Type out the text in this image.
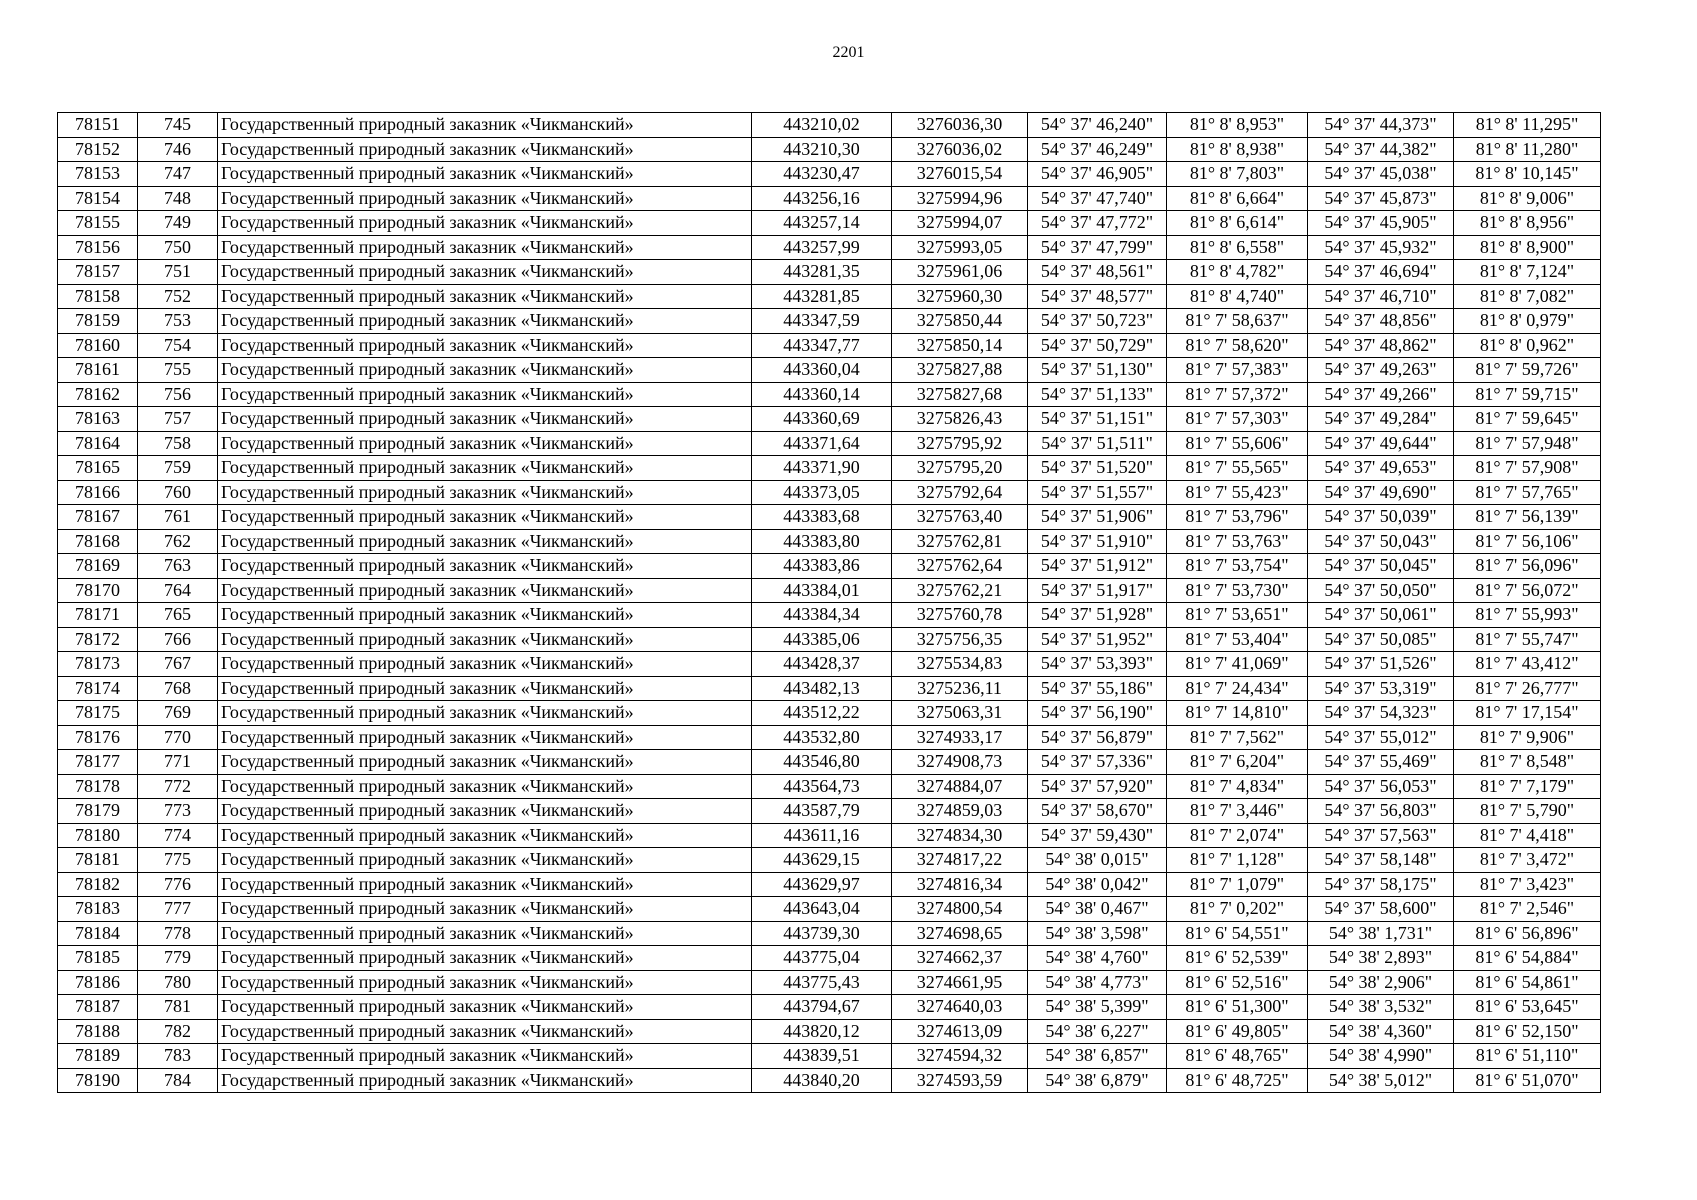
2201
78151	745	Государственный природный заказник «Чикманский»	443210,02	3276036,30	54° 37' 46,240"	81° 8' 8,953"	54° 37' 44,373"	81° 8' 11,295"
78152	746	Государственный природный заказник «Чикманский»	443210,30	3276036,02	54° 37' 46,249"	81° 8' 8,938"	54° 37' 44,382"	81° 8' 11,280"
78153	747	Государственный природный заказник «Чикманский»	443230,47	3276015,54	54° 37' 46,905"	81° 8' 7,803"	54° 37' 45,038"	81° 8' 10,145"
78154	748	Государственный природный заказник «Чикманский»	443256,16	3275994,96	54° 37' 47,740"	81° 8' 6,664"	54° 37' 45,873"	81° 8' 9,006"
78155	749	Государственный природный заказник «Чикманский»	443257,14	3275994,07	54° 37' 47,772"	81° 8' 6,614"	54° 37' 45,905"	81° 8' 8,956"
78156	750	Государственный природный заказник «Чикманский»	443257,99	3275993,05	54° 37' 47,799"	81° 8' 6,558"	54° 37' 45,932"	81° 8' 8,900"
78157	751	Государственный природный заказник «Чикманский»	443281,35	3275961,06	54° 37' 48,561"	81° 8' 4,782"	54° 37' 46,694"	81° 8' 7,124"
78158	752	Государственный природный заказник «Чикманский»	443281,85	3275960,30	54° 37' 48,577"	81° 8' 4,740"	54° 37' 46,710"	81° 8' 7,082"
78159	753	Государственный природный заказник «Чикманский»	443347,59	3275850,44	54° 37' 50,723"	81° 7' 58,637"	54° 37' 48,856"	81° 8' 0,979"
78160	754	Государственный природный заказник «Чикманский»	443347,77	3275850,14	54° 37' 50,729"	81° 7' 58,620"	54° 37' 48,862"	81° 8' 0,962"
78161	755	Государственный природный заказник «Чикманский»	443360,04	3275827,88	54° 37' 51,130"	81° 7' 57,383"	54° 37' 49,263"	81° 7' 59,726"
78162	756	Государственный природный заказник «Чикманский»	443360,14	3275827,68	54° 37' 51,133"	81° 7' 57,372"	54° 37' 49,266"	81° 7' 59,715"
78163	757	Государственный природный заказник «Чикманский»	443360,69	3275826,43	54° 37' 51,151"	81° 7' 57,303"	54° 37' 49,284"	81° 7' 59,645"
78164	758	Государственный природный заказник «Чикманский»	443371,64	3275795,92	54° 37' 51,511"	81° 7' 55,606"	54° 37' 49,644"	81° 7' 57,948"
78165	759	Государственный природный заказник «Чикманский»	443371,90	3275795,20	54° 37' 51,520"	81° 7' 55,565"	54° 37' 49,653"	81° 7' 57,908"
78166	760	Государственный природный заказник «Чикманский»	443373,05	3275792,64	54° 37' 51,557"	81° 7' 55,423"	54° 37' 49,690"	81° 7' 57,765"
78167	761	Государственный природный заказник «Чикманский»	443383,68	3275763,40	54° 37' 51,906"	81° 7' 53,796"	54° 37' 50,039"	81° 7' 56,139"
78168	762	Государственный природный заказник «Чикманский»	443383,80	3275762,81	54° 37' 51,910"	81° 7' 53,763"	54° 37' 50,043"	81° 7' 56,106"
78169	763	Государственный природный заказник «Чикманский»	443383,86	3275762,64	54° 37' 51,912"	81° 7' 53,754"	54° 37' 50,045"	81° 7' 56,096"
78170	764	Государственный природный заказник «Чикманский»	443384,01	3275762,21	54° 37' 51,917"	81° 7' 53,730"	54° 37' 50,050"	81° 7' 56,072"
78171	765	Государственный природный заказник «Чикманский»	443384,34	3275760,78	54° 37' 51,928"	81° 7' 53,651"	54° 37' 50,061"	81° 7' 55,993"
78172	766	Государственный природный заказник «Чикманский»	443385,06	3275756,35	54° 37' 51,952"	81° 7' 53,404"	54° 37' 50,085"	81° 7' 55,747"
78173	767	Государственный природный заказник «Чикманский»	443428,37	3275534,83	54° 37' 53,393"	81° 7' 41,069"	54° 37' 51,526"	81° 7' 43,412"
78174	768	Государственный природный заказник «Чикманский»	443482,13	3275236,11	54° 37' 55,186"	81° 7' 24,434"	54° 37' 53,319"	81° 7' 26,777"
78175	769	Государственный природный заказник «Чикманский»	443512,22	3275063,31	54° 37' 56,190"	81° 7' 14,810"	54° 37' 54,323"	81° 7' 17,154"
78176	770	Государственный природный заказник «Чикманский»	443532,80	3274933,17	54° 37' 56,879"	81° 7' 7,562"	54° 37' 55,012"	81° 7' 9,906"
78177	771	Государственный природный заказник «Чикманский»	443546,80	3274908,73	54° 37' 57,336"	81° 7' 6,204"	54° 37' 55,469"	81° 7' 8,548"
78178	772	Государственный природный заказник «Чикманский»	443564,73	3274884,07	54° 37' 57,920"	81° 7' 4,834"	54° 37' 56,053"	81° 7' 7,179"
78179	773	Государственный природный заказник «Чикманский»	443587,79	3274859,03	54° 37' 58,670"	81° 7' 3,446"	54° 37' 56,803"	81° 7' 5,790"
78180	774	Государственный природный заказник «Чикманский»	443611,16	3274834,30	54° 37' 59,430"	81° 7' 2,074"	54° 37' 57,563"	81° 7' 4,418"
78181	775	Государственный природный заказник «Чикманский»	443629,15	3274817,22	54° 38' 0,015"	81° 7' 1,128"	54° 37' 58,148"	81° 7' 3,472"
78182	776	Государственный природный заказник «Чикманский»	443629,97	3274816,34	54° 38' 0,042"	81° 7' 1,079"	54° 37' 58,175"	81° 7' 3,423"
78183	777	Государственный природный заказник «Чикманский»	443643,04	3274800,54	54° 38' 0,467"	81° 7' 0,202"	54° 37' 58,600"	81° 7' 2,546"
78184	778	Государственный природный заказник «Чикманский»	443739,30	3274698,65	54° 38' 3,598"	81° 6' 54,551"	54° 38' 1,731"	81° 6' 56,896"
78185	779	Государственный природный заказник «Чикманский»	443775,04	3274662,37	54° 38' 4,760"	81° 6' 52,539"	54° 38' 2,893"	81° 6' 54,884"
78186	780	Государственный природный заказник «Чикманский»	443775,43	3274661,95	54° 38' 4,773"	81° 6' 52,516"	54° 38' 2,906"	81° 6' 54,861"
78187	781	Государственный природный заказник «Чикманский»	443794,67	3274640,03	54° 38' 5,399"	81° 6' 51,300"	54° 38' 3,532"	81° 6' 53,645"
78188	782	Государственный природный заказник «Чикманский»	443820,12	3274613,09	54° 38' 6,227"	81° 6' 49,805"	54° 38' 4,360"	81° 6' 52,150"
78189	783	Государственный природный заказник «Чикманский»	443839,51	3274594,32	54° 38' 6,857"	81° 6' 48,765"	54° 38' 4,990"	81° 6' 51,110"
78190	784	Государственный природный заказник «Чикманский»	443840,20	3274593,59	54° 38' 6,879"	81° 6' 48,725"	54° 38' 5,012"	81° 6' 51,070"
